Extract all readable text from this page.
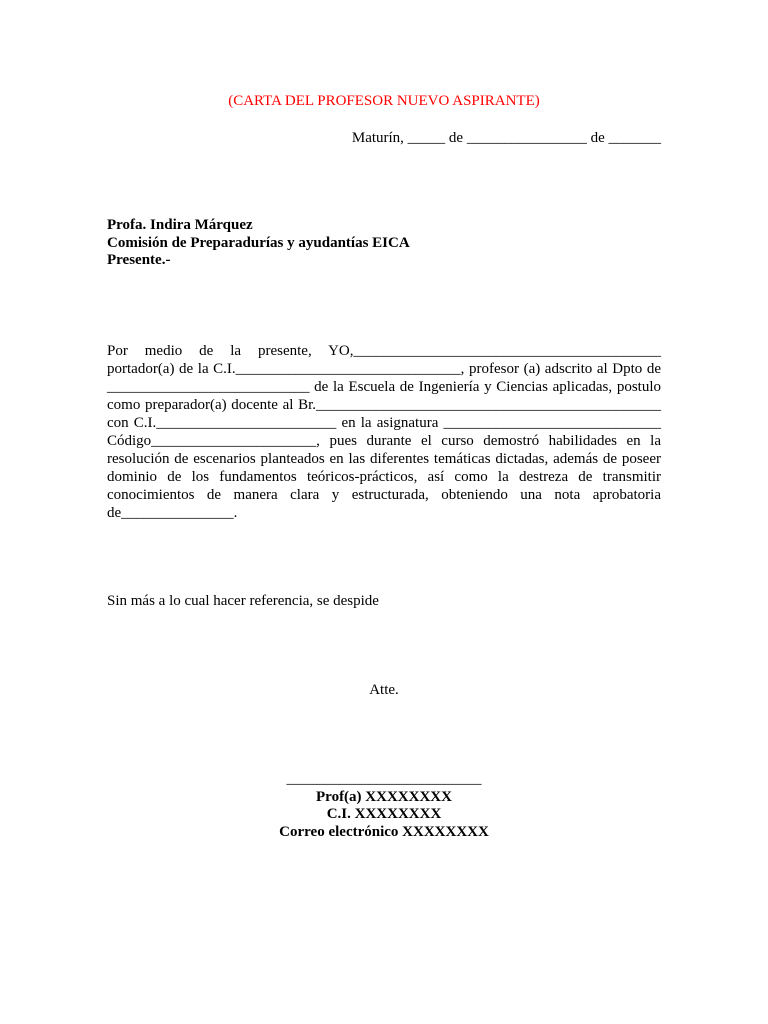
(CARTA DEL PROFESOR NUEVO ASPIRANTE)
Maturín, _____ de ________________ de _______
Profa. Indira Márquez
Comisión de Preparadurías y ayudantías EICA
Presente.-

Por medio de la presente, YO,_________________________________________ portador(a) de la C.I.______________________________, profesor (a) adscrito al Dpto de ___________________________ de la Escuela de Ingeniería y Ciencias aplicadas, postulo como preparador(a) docente al Br.______________________________________________ con C.I.________________________ en la asignatura _____________________________ Código______________________, pues durante el curso demostró habilidades en la resolución de escenarios planteados en las diferentes temáticas dictadas, además de poseer dominio de los fundamentos teóricos-prácticos, así como la destreza de transmitir conocimientos de manera clara y estructurada, obteniendo una nota aprobatoria de_______________.

Sin más a lo cual hacer referencia, se despide
Atte.
__________________________
Prof(a) XXXXXXXX
C.I. XXXXXXXX
Correo electrónico XXXXXXXX
